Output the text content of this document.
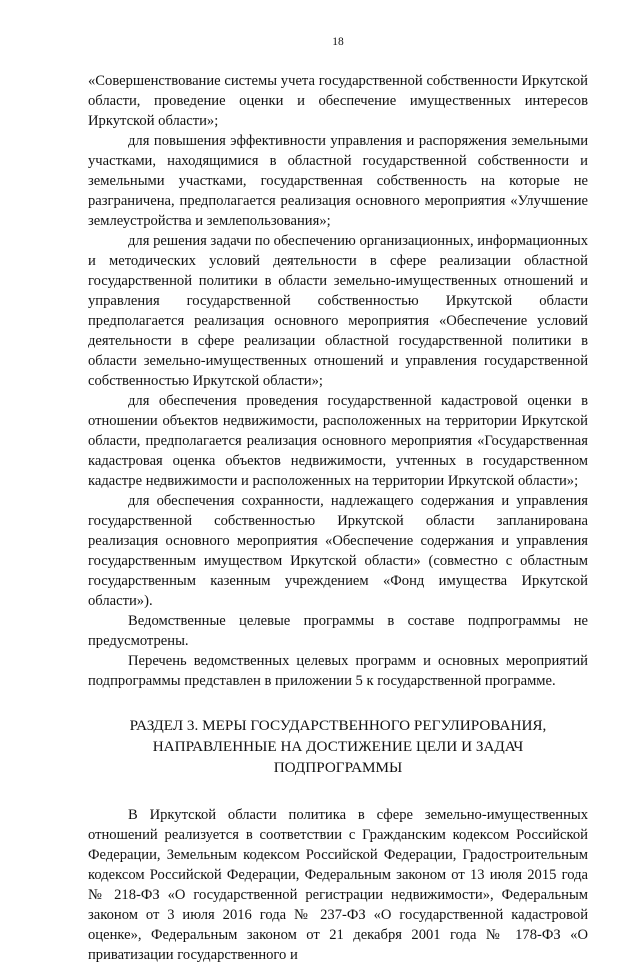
18

«Совершенствование системы учета государственной собственности Иркутской области, проведение оценки и обеспечение имущественных интересов Иркутской области»;

для повышения эффективности управления и распоряжения земельными участками, находящимися в областной государственной собственности и земельными участками, государственная собственность на которые не разграничена, предполагается реализация основного мероприятия «Улучшение землеустройства и землепользования»;

для решения задачи по обеспечению организационных, информационных и методических условий деятельности в сфере реализации областной государственной политики в области земельно-имущественных отношений и управления государственной собственностью Иркутской области предполагается реализация основного мероприятия «Обеспечение условий деятельности в сфере реализации областной государственной политики в области земельно-имущественных отношений и управления государственной собственностью Иркутской области»;

для обеспечения проведения государственной кадастровой оценки в отношении объектов недвижимости, расположенных на территории Иркутской области, предполагается реализация основного мероприятия «Государственная кадастровая оценка объектов недвижимости, учтенных в государственном кадастре недвижимости и расположенных на территории Иркутской области»;

для обеспечения сохранности, надлежащего содержания и управления государственной собственностью Иркутской области запланирована реализация основного мероприятия «Обеспечение содержания и управления государственным имуществом Иркутской области» (совместно с областным государственным казенным учреждением «Фонд имущества Иркутской области»).

Ведомственные целевые программы в составе подпрограммы не предусмотрены.

Перечень ведомственных целевых программ и основных мероприятий подпрограммы представлен в приложении 5 к государственной программе.

РАЗДЕЛ 3. МЕРЫ ГОСУДАРСТВЕННОГО РЕГУЛИРОВАНИЯ,
НАПРАВЛЕННЫЕ НА ДОСТИЖЕНИЕ ЦЕЛИ И ЗАДАЧ
ПОДПРОГРАММЫ

В Иркутской области политика в сфере земельно-имущественных отношений реализуется в соответствии с Гражданским кодексом Российской Федерации, Земельным кодексом Российской Федерации, Градостроительным кодексом Российской Федерации, Федеральным законом от 13 июля 2015 года № 218-ФЗ «О государственной регистрации недвижимости», Федеральным законом от 3 июля 2016 года № 237-ФЗ «О государственной кадастровой оценке», Федеральным законом от 21 декабря 2001 года № 178-ФЗ «О приватизации государственного и
